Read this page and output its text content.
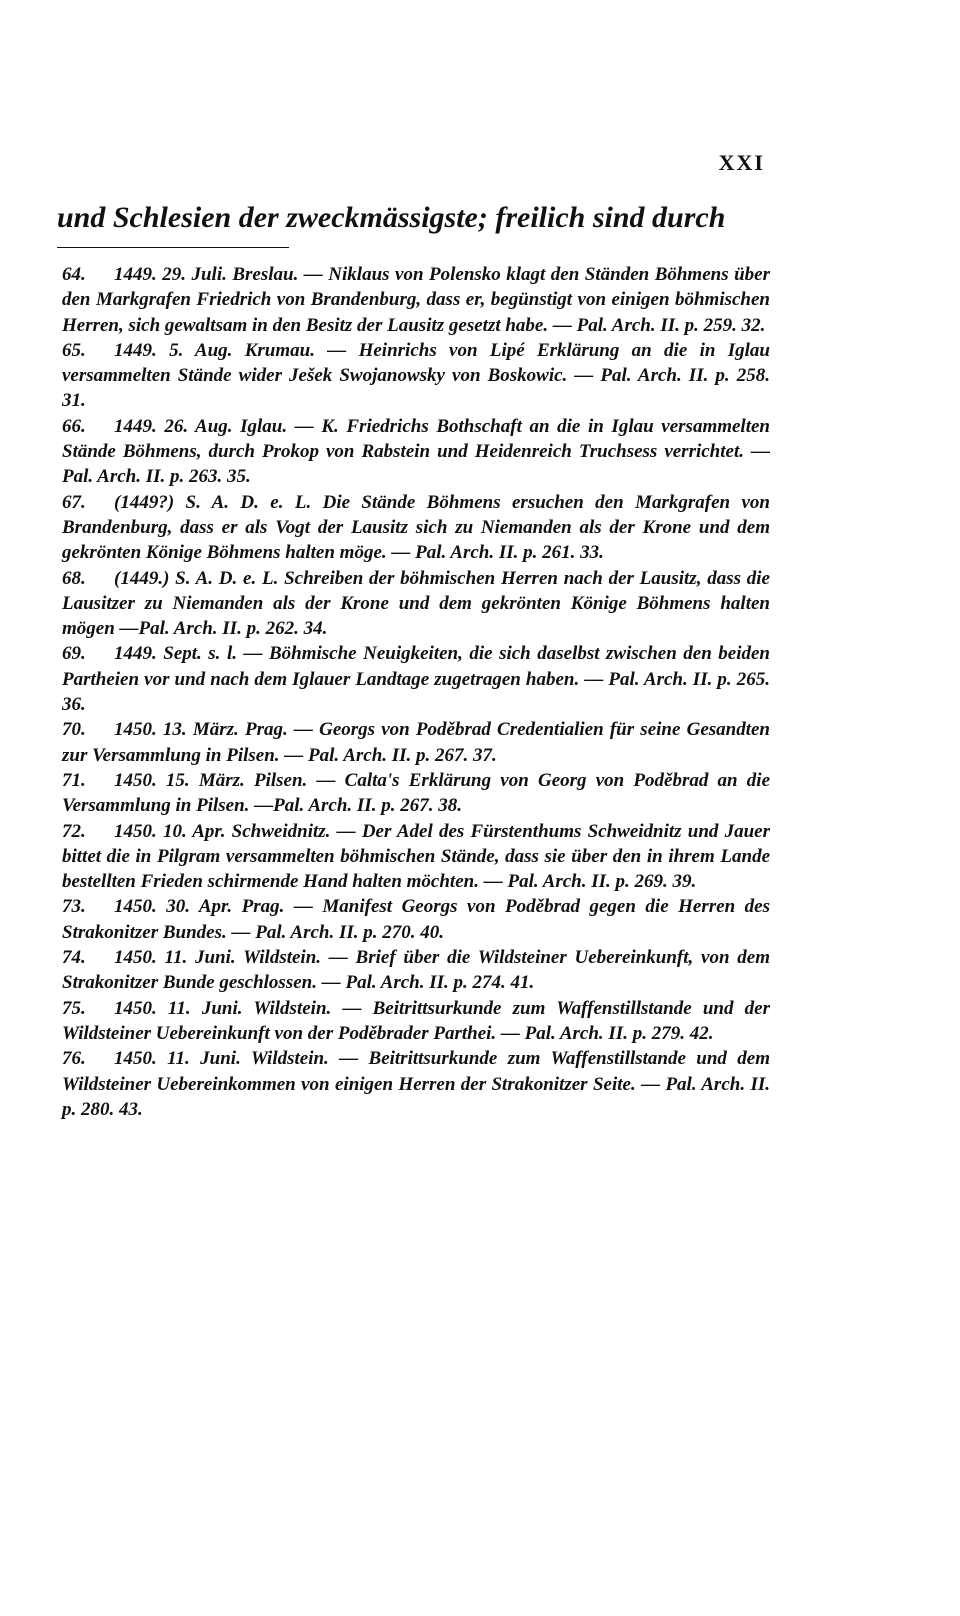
XXI
und Schlesien der zweckmässigste; freilich sind durch

64. 1449. 29. Juli. Breslau. — Niklaus von Polensko klagt den Ständen Böhmens über den Markgrafen Friedrich von Brandenburg, dass er, begünstigt von einigen böhmischen Herren, sich gewaltsam in den Besitz der Lausitz gesetzt habe. — Pal. Arch. II. p. 259. 32.

65. 1449. 5. Aug. Krumau. — Heinrichs von Lipé Erklärung an die in Iglau versammelten Stände wider Ješek Swojanowsky von Boskowic. — Pal. Arch. II. p. 258. 31.

66. 1449. 26. Aug. Iglau. — K. Friedrichs Bothschaft an die in Iglau versammelten Stände Böhmens, durch Prokop von Rabstein und Heidenreich Truchsess verrichtet. —Pal. Arch. II. p. 263. 35.

67. (1449?) S. A. D. e. L. Die Stände Böhmens ersuchen den Markgrafen von Brandenburg, dass er als Vogt der Lausitz sich zu Niemanden als der Krone und dem gekrönten Könige Böhmens halten möge. — Pal. Arch. II. p. 261. 33.

68. (1449.) S. A. D. e. L. Schreiben der böhmischen Herren nach der Lausitz, dass die Lausitzer zu Niemanden als der Krone und dem gekrönten Könige Böhmens halten mögen —Pal. Arch. II. p. 262. 34.

69. 1449. Sept. s. l. — Böhmische Neuigkeiten, die sich daselbst zwischen den beiden Partheien vor und nach dem Iglauer Landtage zugetragen haben. — Pal. Arch. II. p. 265. 36.

70. 1450. 13. März. Prag. — Georgs von Poděbrad Credentialien für seine Gesandten zur Versammlung in Pilsen. — Pal. Arch. II. p. 267. 37.

71. 1450. 15. März. Pilsen. — Calta's Erklärung von Georg von Poděbrad an die Versammlung in Pilsen. —Pal. Arch. II. p. 267. 38.

72. 1450. 10. Apr. Schweidnitz. — Der Adel des Fürstenthums Schweidnitz und Jauer bittet die in Pilgram versammelten böhmischen Stände, dass sie über den in ihrem Lande bestellten Frieden schirmende Hand halten möchten. — Pal. Arch. II. p. 269. 39.

73. 1450. 30. Apr. Prag. — Manifest Georgs von Poděbrad gegen die Herren des Strakonitzer Bundes. — Pal. Arch. II. p. 270. 40.

74. 1450. 11. Juni. Wildstein. — Brief über die Wildsteiner Uebereinkunft, von dem Strakonitzer Bunde geschlossen. — Pal. Arch. II. p. 274. 41.

75. 1450. 11. Juni. Wildstein. — Beitrittsurkunde zum Waffenstillstande und der Wildsteiner Uebereinkunft von der Poděbrader Parthei. — Pal. Arch. II. p. 279. 42.

76. 1450. 11. Juni. Wildstein. — Beitrittsurkunde zum Waffenstillstande und dem Wildsteiner Uebereinkommen von einigen Herren der Strakonitzer Seite. — Pal. Arch. II. p. 280. 43.
